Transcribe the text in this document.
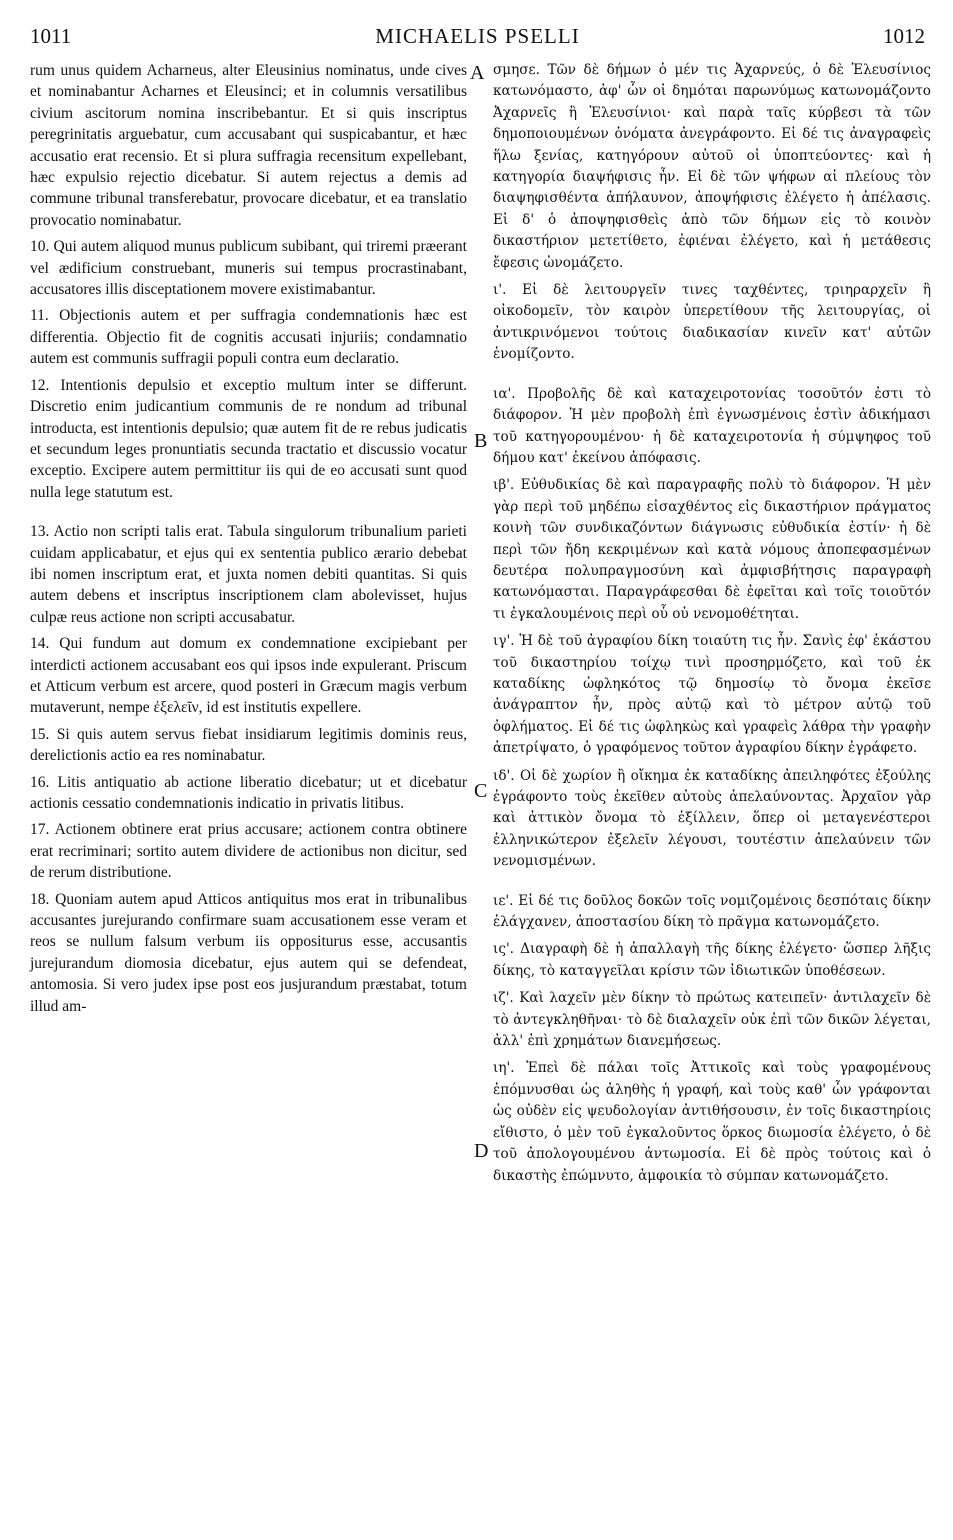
1011	MICHAELIS PSELLI	1012

rum unus quidem Acharneus, alter Eleusinius nominatus, unde cives et nominabantur Acharnes et Eleusinci; et in columnis versatilibus civium ascitorum nomina inscribebantur. Et si quis inscriptus peregrinitatis arguebatur, cum accusabant qui suspicabantur, et hæc accusatio erat recensio. Et si plura suffragia recensitum expellebant, hæc expulsio rejectio dicebatur. Si autem rejectus a demis ad commune tribunal transferebatur, provocare dicebatur, et ea translatio provocatio nominabatur.

10. Qui autem aliquod munus publicum subibant, qui triremi præerant vel ædificium construebant, muneris sui tempus procrastinabant, accusatores illis disceptationem movere existimabantur.

11. Objectionis autem et per suffragia condemnationis hæc est differentia. Objectio fit de cognitis accusati injuriis; condamnatio autem est communis suffragii populi contra eum declaratio.

12. Intentionis depulsio et exceptio multum inter se differunt. Discretio enim judicantium communis de re nondum ad tribunal introducta, est intentionis depulsio; quæ autem fit de re rebus judicatis et secundum leges pronuntiatis secunda tractatio et discussio vocatur exceptio. Excipere autem permittitur iis qui de eo accusati sunt quod nulla lege statutum est.

13. Actio non scripti talis erat. Tabula singulorum tribunalium parieti cuidam applicabatur, et ejus qui ex sententia publico ærario debebat ibi nomen inscriptum erat, et juxta nomen debiti quantitas. Si quis autem debens et inscriptus inscriptionem clam abolevisset, hujus culpæ reus actione non scripti accusabatur.

14. Qui fundum aut domum ex condemnatione excipiebant per interdicti actionem accusabant eos qui ipsos inde expulerant. Priscum et Atticum verbum est arcere, quod posteri in Græcum magis verbum mutaverunt, nempe ἐξελεῖν, id est institutis expellere.

15. Si quis autem servus fiebat insidiarum legitimis dominis reus, derelictionis actio ea res nominabatur.

16. Litis antiquatio ab actione liberatio dicebatur; ut et dicebatur actionis cessatio condemnationis indicatio in privatis litibus.

17. Actionem obtinere erat prius accusare; actionem contra obtinere erat recriminari; sortito autem dividere de actionibus non dicitur, sed de rerum distributione.

18. Quoniam autem apud Atticos antiquitus mos erat in tribunalibus accusantes jurejurando confirmare suam accusationem esse veram et reos se nullum falsum verbum iis oppositurus esse, accusantis jurejurandum diomosia dicebatur, ejus autem qui se defendeat, antomosia. Si vero judex ipse post eos jusjurandum præstabat, totum illud am-

A
B
C
D

σμησε. Τῶν δὲ δήμων ὁ μέν τις Ἀχαρνεύς, ὁ δὲ Ἐλευσίνιος κατωνόμαστο, ἀφ' ὧν οἱ δημόται παρωνύμως κατωνομάζοντο Ἀχαρνεῖς ἢ Ἐλευσίνιοι· καὶ παρὰ ταῖς κύρβεσι τὰ τῶν δημοποιουμένων ὀνόματα ἀνεγράφοντο. Εἰ δέ τις ἀναγραφεὶς ἥλω ξενίας, κατηγόρουν αὐτοῦ οἱ ὑποπτεύοντες· καὶ ἡ κατηγορία διαψήφισις ἦν. Εἰ δὲ τῶν ψήφων αἱ πλείους τὸν διαψηφισθέντα ἀπήλαυνον, ἀποψήφισις ἐλέγετο ἡ ἀπέλασις. Εἰ δ' ὁ ἀποψηφισθεὶς ἀπὸ τῶν δήμων εἰς τὸ κοινὸν δικαστήριον μετετίθετο, ἐφιέναι ἐλέγετο, καὶ ἡ μετάθεσις ἔφεσις ὠνομάζετο.

ι'. Εἰ δὲ λειτουργεῖν τινες ταχθέντες, τριηραρχεῖν ἢ οἰκοδομεῖν, τὸν καιρὸν ὑπερετίθουν τῆς λειτουργίας, οἱ ἀντικρινόμενοι τούτοις διαδικασίαν κινεῖν κατ' αὐτῶν ἐνομίζοντο.

ια'. Προβολῆς δὲ καὶ καταχειροτονίας τοσοῦτόν ἐστι τὸ διάφορον. Ἡ μὲν προβολὴ ἐπὶ ἐγνωσμένοις ἐστὶν ἀδικήμασι τοῦ κατηγορουμένου· ἡ δὲ καταχειροτονία ἡ σύμψηφος τοῦ δήμου κατ' ἐκείνου ἀπόφασις.

ιβ'. Εὐθυδικίας δὲ καὶ παραγραφῆς πολὺ τὸ διάφορον. Ἡ μὲν γὰρ περὶ τοῦ μηδέπω εἰσαχθέντος εἰς δικαστήριον πράγματος κοινὴ τῶν συνδικαζόντων διάγνωσις εὐθυδικία ἐστίν· ἡ δὲ περὶ τῶν ἤδη κεκριμένων καὶ κατὰ νόμους ἀποπεφασμένων δευτέρα πολυπραγμοσύνη καὶ ἀμφισβήτησις παραγραφὴ κατωνόμασται. Παραγράφεσθαι δὲ ἐφεῖται καὶ τοῖς τοιοῦτόν τι ἐγκαλουμένοις περὶ οὗ οὐ νενομοθέτηται.

ιγ'. Ἡ δὲ τοῦ ἀγραφίου δίκη τοιαύτη τις ἦν. Σανὶς ἐφ' ἑκάστου τοῦ δικαστηρίου τοίχῳ τινὶ προσηρμόζετο, καὶ τοῦ ἐκ καταδίκης ὠφληκότος τῷ δημοσίῳ τὸ ὄνομα ἐκεῖσε ἀνάγραπτον ἦν, πρὸς αὐτῷ καὶ τὸ μέτρον αὐτῷ τοῦ ὀφλήματος. Εἰ δέ τις ὠφληκὼς καὶ γραφεὶς λάθρα τὴν γραφὴν ἀπετρίψατο, ὁ γραφόμενος τοῦτον ἀγραφίου δίκην ἐγράφετο.

ιδ'. Οἱ δὲ χωρίον ἢ οἴκημα ἐκ καταδίκης ἀπειληφότες ἐξούλης ἐγράφοντο τοὺς ἐκεῖθεν αὐτοὺς ἀπελαύνοντας. Ἀρχαῖον γὰρ καὶ ἀττικὸν ὄνομα τὸ ἐξίλλειν, ὅπερ οἱ μεταγενέστεροι ἑλληνικώτερον ἐξελεῖν λέγουσι, τουτέστιν ἀπελαύνειν τῶν νενομισμένων.

ιε'. Εἰ δέ τις δοῦλος δοκῶν τοῖς νομιζομένοις δεσπόταις δίκην ἐλάγχανεν, ἀποστασίου δίκη τὸ πρᾶγμα κατωνομάζετο.

ις'. Διαγραφὴ δὲ ἡ ἀπαλλαγὴ τῆς δίκης ἐλέγετο· ὥσπερ λῆξις δίκης, τὸ καταγγεῖλαι κρίσιν τῶν ἰδιωτικῶν ὑποθέσεων.

ιζ'. Καὶ λαχεῖν μὲν δίκην τὸ πρώτως κατειπεῖν· ἀντιλαχεῖν δὲ τὸ ἀντεγκληθῆναι· τὸ δὲ διαλαχεῖν οὐκ ἐπὶ τῶν δικῶν λέγεται, ἀλλ' ἐπὶ χρημάτων διανεμήσεως.

ιη'. Ἐπεὶ δὲ πάλαι τοῖς Ἀττικοῖς καὶ τοὺς γραφομένους ἐπόμνυσθαι ὡς ἀληθὴς ἡ γραφή, καὶ τοὺς καθ' ὧν γράφονται ὡς οὐδὲν εἰς ψευδολογίαν ἀντιθήσουσιν, ἐν τοῖς δικαστηρίοις εἴθιστο, ὁ μὲν τοῦ ἐγκαλοῦντος ὅρκος διωμοσία ἐλέγετο, ὁ δὲ τοῦ ἀπολογουμένου ἀντωμοσία. Εἰ δὲ πρὸς τούτοις καὶ ὁ δικαστὴς ἐπώμνυτο, ἀμφοικία τὸ σύμπαν κατωνομάζετο.
